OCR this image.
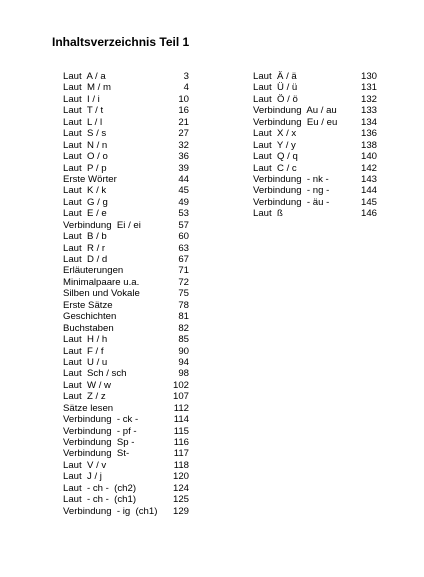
Inhaltsverzeichnis Teil 1
Laut  A / a	3
Laut  M / m	4
Laut  I / i	10
Laut  T / t	16
Laut  L / l	21
Laut  S / s	27
Laut  N / n	32
Laut  O / o	36
Laut  P / p	39
Erste Wörter	44
Laut  K / k	45
Laut  G / g	49
Laut  E / e	53
Verbindung  Ei / ei	57
Laut  B / b	60
Laut  R / r	63
Laut  D / d	67
Erläuterungen	71
Minimalpaare u.a.	72
Silben und Vokale	75
Erste Sätze	78
Geschichten	81
Buchstaben	82
Laut  H / h	85
Laut  F / f	90
Laut  U / u	94
Laut  Sch / sch	98
Laut  W / w	102
Laut  Z / z	107
Sätze lesen	112
Verbindung  - ck -	114
Verbindung  - pf -	115
Verbindung  Sp -	116
Verbindung  St-	117
Laut  V / v	118
Laut  J / j	120
Laut  - ch -  (ch2)	124
Laut  - ch -  (ch1)	125
Verbindung  - ig  (ch1) 129
Laut  Ä / ä	130
Laut  Ü / ü	131
Laut  Ö / ö	132
Verbindung  Au / au	133
Verbindung  Eu / eu 134
Laut  X / x	136
Laut  Y / y	138
Laut  Q / q	140
Laut  C / c	142
Verbindung  - nk -	143
Verbindung  - ng -	144
Verbindung  - äu -	145
Laut  ß	146
